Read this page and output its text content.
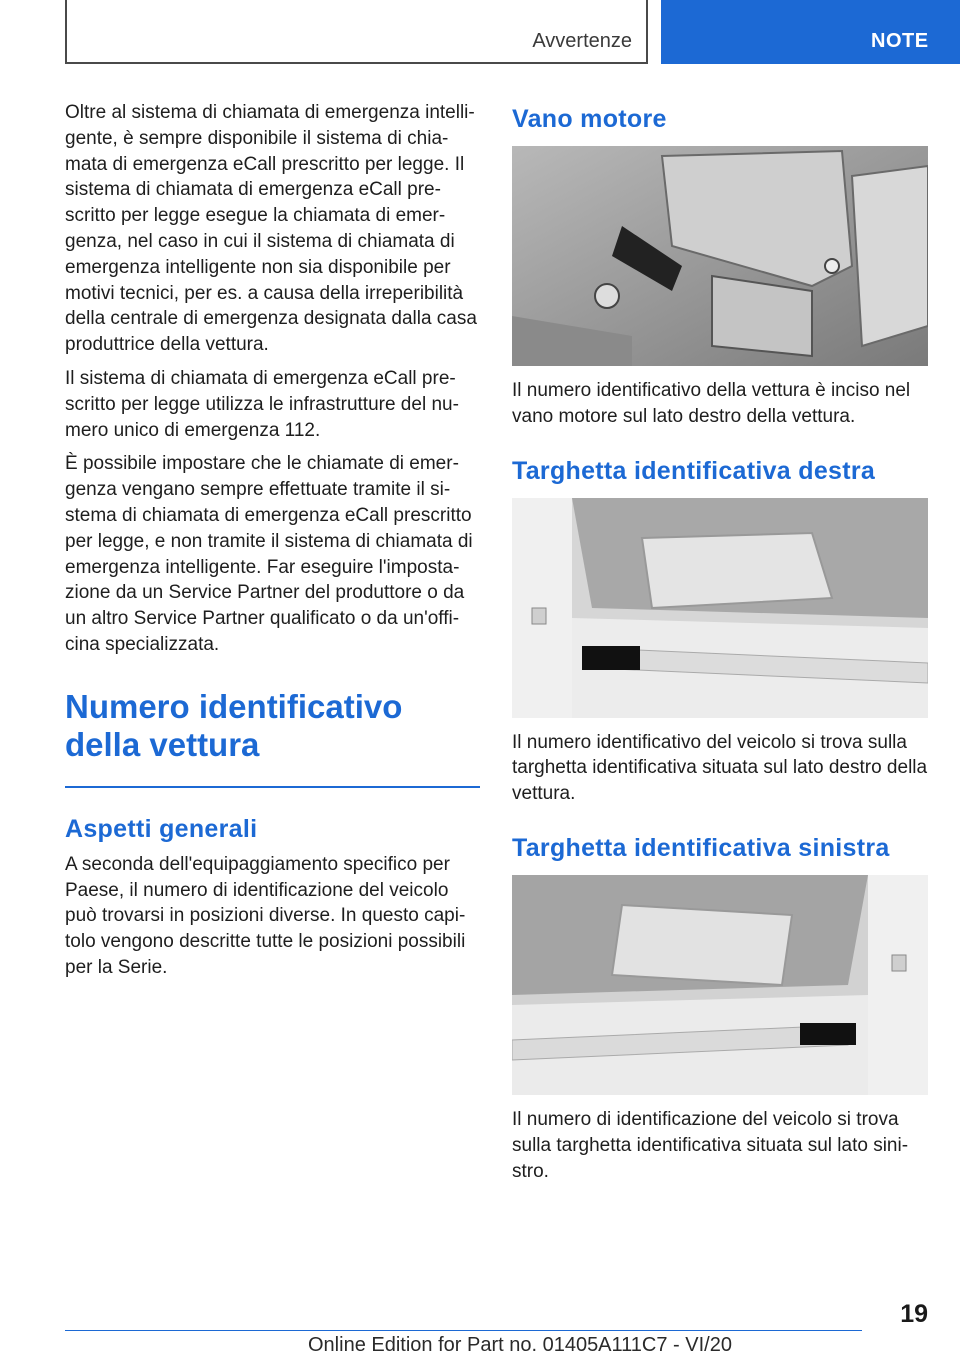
Avvertenze	NOTE

Oltre al sistema di chiamata di emergenza intelligente, è sempre disponibile il sistema di chiamata di emergenza eCall prescritto per legge. Il sistema di chiamata di emergenza eCall prescritto per legge esegue la chiamata di emergenza, nel caso in cui il sistema di chiamata di emergenza intelligente non sia disponibile per motivi tecnici, per es. a causa della irreperibilità della centrale di emergenza designata dalla casa produttrice della vettura.

Il sistema di chiamata di emergenza eCall prescritto per legge utilizza le infrastrutture del numero unico di emergenza 112.

È possibile impostare che le chiamate di emergenza vengano sempre effettuate tramite il sistema di chiamata di emergenza eCall prescritto per legge, e non tramite il sistema di chiamata di emergenza intelligente. Far eseguire l'impostazione da un Service Partner del produttore o da un altro Service Partner qualificato o da un'officina specializzata.

Numero identificativo della vettura
Aspetti generali

A seconda dell'equipaggiamento specifico per Paese, il numero di identificazione del veicolo può trovarsi in posizioni diverse. In questo capitolo vengono descritte tutte le posizioni possibili per la Serie.

Vano motore

Il numero identificativo della vettura è inciso nel vano motore sul lato destro della vettura.

Targhetta identificativa destra

Il numero identificativo del veicolo si trova sulla targhetta identificativa situata sul lato destro della vettura.

Targhetta identificativa sinistra

Il numero di identificazione del veicolo si trova sulla targhetta identificativa situata sul lato sinistro.

19
Online Edition for Part no. 01405A111C7 - VI/20
